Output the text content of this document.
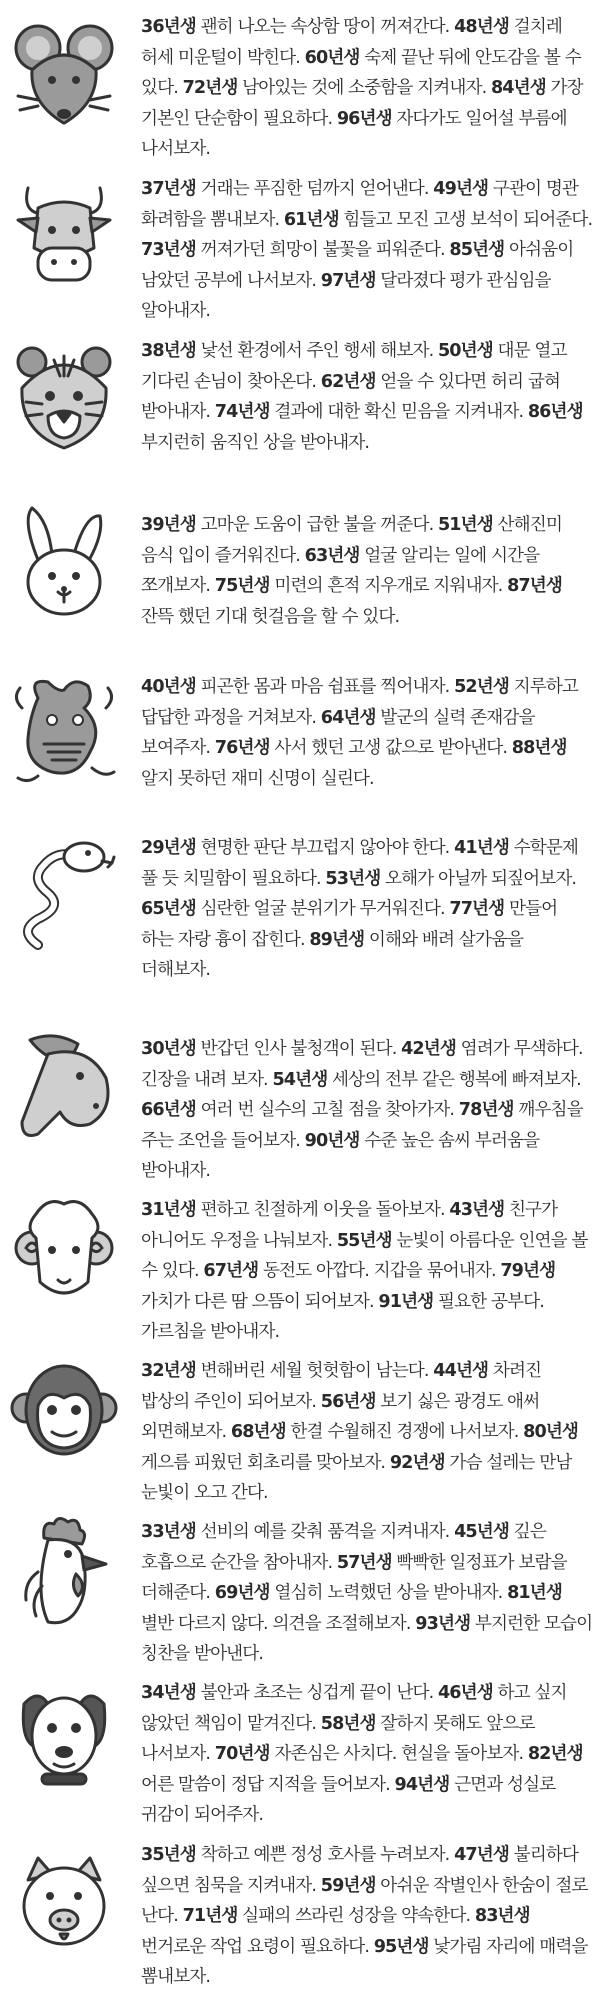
36년생 괜히 나오는 속상함 땅이 꺼져간다. 48년생 걸치레 허세 미운털이 박힌다. 60년생 숙제 끝난 뒤에 안도감을 볼 수 있다. 72년생 남아있는 것에 소중함을 지켜내자. 84년생 가장 기본인 단순함이 필요하다. 96년생 자다가도 일어설 부름에 나서보자.
37년생 거래는 푸짐한 덤까지 얻어낸다. 49년생 구관이 명관 화려함을 뽐내보자. 61년생 힘들고 모진 고생 보석이 되어준다. 73년생 꺼져가던 희망이 불꽃을 피워준다. 85년생 아쉬움이 남았던 공부에 나서보자. 97년생 달라졌다 평가 관심임을 알아내자.
38년생 낯선 환경에서 주인 행세 해보자. 50년생 대문 열고 기다린 손님이 찾아온다. 62년생 얻을 수 있다면 허리 굽혀 받아내자. 74년생 결과에 대한 확신 믿음을 지켜내자. 86년생 부지런히 움직인 상을 받아내자.
39년생 고마운 도움이 급한 불을 꺼준다. 51년생 산해진미 음식 입이 즐거워진다. 63년생 얼굴 알리는 일에 시간을 쪼개보자. 75년생 미련의 흔적 지우개로 지워내자. 87년생 잔뜩 했던 기대 헛걸음을 할 수 있다.
40년생 피곤한 몸과 마음 쉼표를 찍어내자. 52년생 지루하고 답답한 과정을 거쳐보자. 64년생 발군의 실력 존재감을 보여주자. 76년생 사서 했던 고생 값으로 받아낸다. 88년생 알지 못하던 재미 신명이 실린다.
29년생 현명한 판단 부끄럽지 않아야 한다. 41년생 수학문제 풀 듯 치밀함이 필요하다. 53년생 오해가 아닐까 되짚어보자. 65년생 심란한 얼굴 분위기가 무거워진다. 77년생 만들어 하는 자랑 흉이 잡힌다. 89년생 이해와 배려 살가움을 더해보자.
30년생 반갑던 인사 불청객이 된다. 42년생 염려가 무색하다. 긴장을 내려 보자. 54년생 세상의 전부 같은 행복에 빠져보자. 66년생 여러 번 실수의 고칠 점을 찾아가자. 78년생 깨우침을 주는 조언을 들어보자. 90년생 수준 높은 솜씨 부러움을 받아내자.
31년생 편하고 친절하게 이웃을 돌아보자. 43년생 친구가 아니어도 우정을 나눠보자. 55년생 눈빛이 아름다운 인연을 볼 수 있다. 67년생 동전도 아깝다. 지갑을 묶어내자. 79년생 가치가 다른 땀 으뜸이 되어보자. 91년생 필요한 공부다. 가르침을 받아내자.
32년생 변해버린 세월 헛헛함이 남는다. 44년생 차려진 밥상의 주인이 되어보자. 56년생 보기 싫은 광경도 애써 외면해보자. 68년생 한결 수월해진 경쟁에 나서보자. 80년생 게으름 피웠던 회초리를 맞아보자. 92년생 가슴 설레는 만남 눈빛이 오고 간다.
33년생 선비의 예를 갖춰 품격을 지켜내자. 45년생 깊은 호흡으로 순간을 참아내자. 57년생 빡빡한 일정표가 보람을 더해준다. 69년생 열심히 노력했던 상을 받아내자. 81년생 별반 다르지 않다. 의견을 조절해보자. 93년생 부지런한 모습이 칭찬을 받아낸다.
34년생 불안과 초조는 싱겁게 끝이 난다. 46년생 하고 싶지 않았던 책임이 맡겨진다. 58년생 잘하지 못해도 앞으로 나서보자. 70년생 자존심은 사치다. 현실을 돌아보자. 82년생 어른 말씀이 정답 지적을 들어보자. 94년생 근면과 성실로 귀감이 되어주자.
35년생 착하고 예쁜 정성 호사를 누려보자. 47년생 불리하다 싶으면 침묵을 지켜내자. 59년생 아쉬운 작별인사 한숨이 절로 난다. 71년생 실패의 쓰라린 성장을 약속한다. 83년생 번거로운 작업 요령이 필요하다. 95년생 낯가림 자리에 매력을 뽐내보자.
